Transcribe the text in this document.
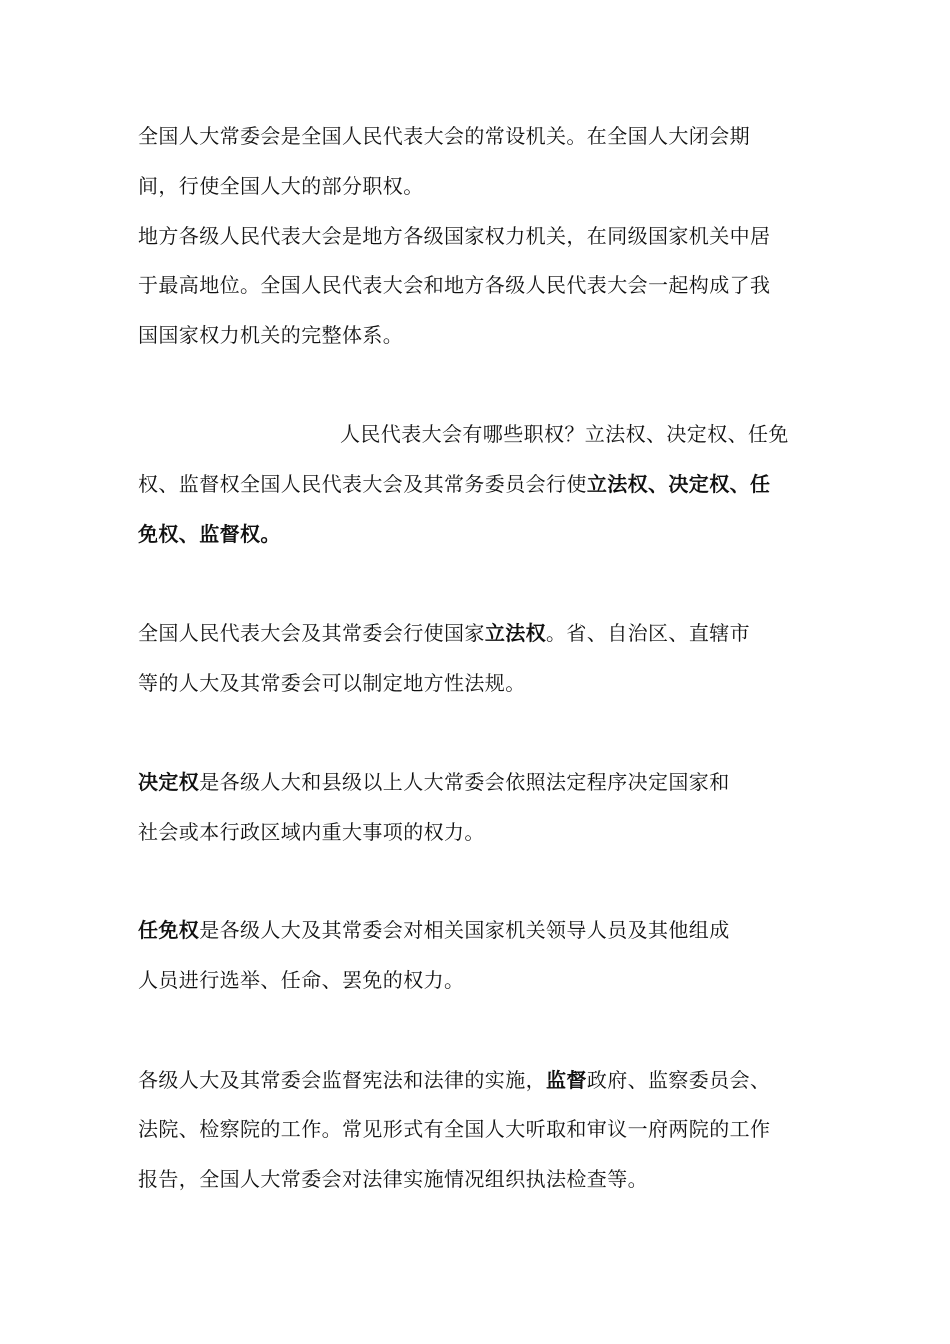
全国人大常委会是全国人民代表大会的常设机关。在全国人大闭会期
间，行使全国人大的部分职权。
地方各级人民代表大会是地方各级国家权力机关，在同级国家机关中居
于最高地位。全国人民代表大会和地方各级人民代表大会一起构成了我
国国家权力机关的完整体系。
人民代表大会有哪些职权？立法权、决定权、任免
权、监督权全国人民代表大会及其常务委员会行使立法权、决定权、任
免权、监督权。
全国人民代表大会及其常委会行使国家立法权。省、自治区、直辖市
等的人大及其常委会可以制定地方性法规。
决定权是各级人大和县级以上人大常委会依照法定程序决定国家和
社会或本行政区域内重大事项的权力。
任免权是各级人大及其常委会对相关国家机关领导人员及其他组成
人员进行选举、任命、罢免的权力。
各级人大及其常委会监督宪法和法律的实施，监督政府、监察委员会、
法院、检察院的工作。常见形式有全国人大听取和审议一府两院的工作
报告，全国人大常委会对法律实施情况组织执法检查等。
